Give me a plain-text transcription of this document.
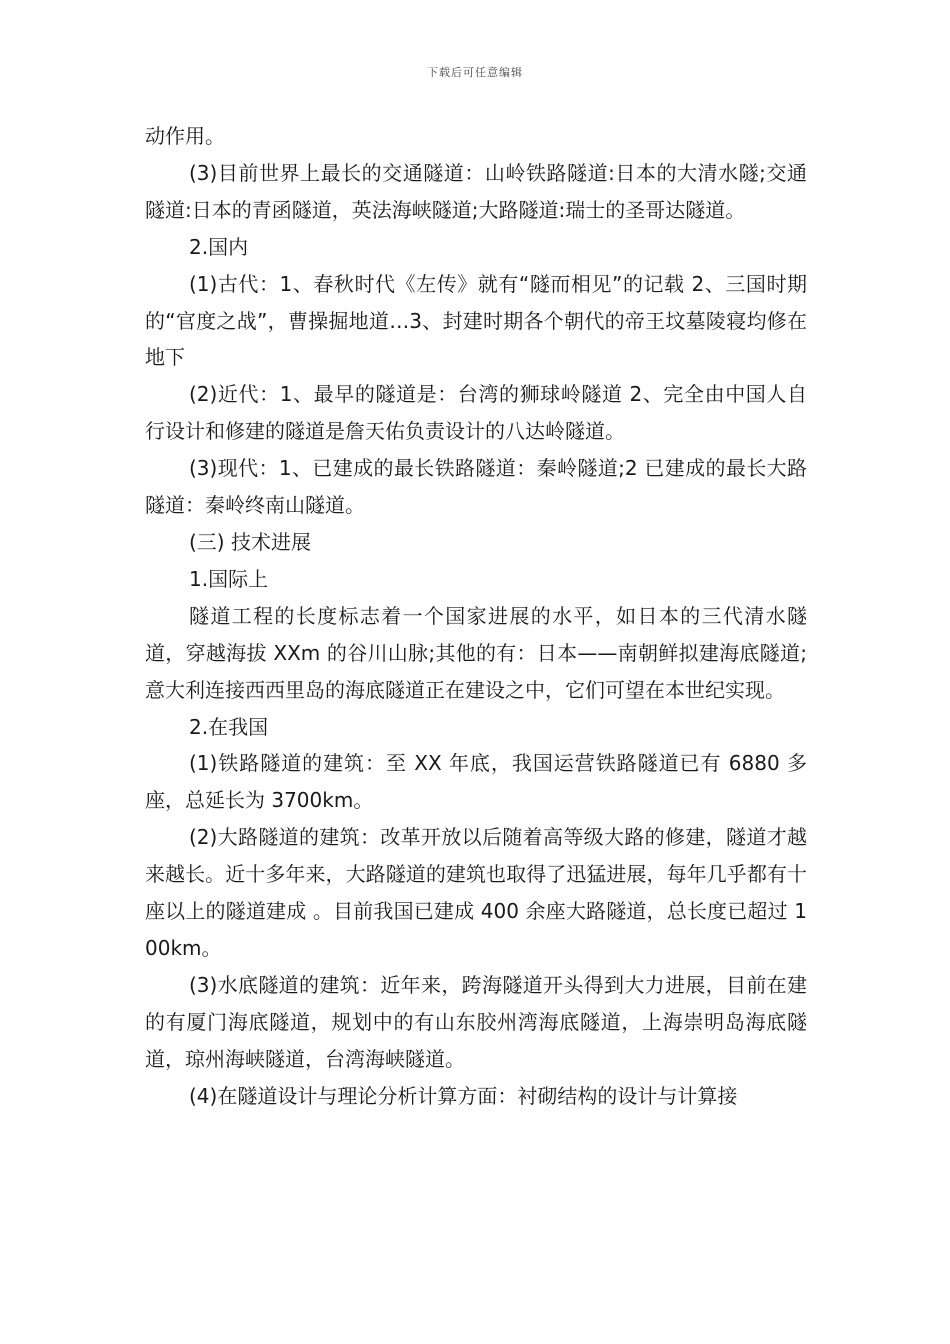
下载后可任意编辑

动作用。

(3)目前世界上最长的交通隧道：山岭铁路隧道:日本的大清水隧;交通隧道:日本的青函隧道，英法海峡隧道;大路隧道:瑞士的圣哥达隧道。

2.国内

(1)古代：1、春秋时代《左传》就有“隧而相见”的记载 2、三国时期的“官度之战”，曹操掘地道…3、封建时期各个朝代的帝王坟墓陵寝均修在地下

(2)近代：1、最早的隧道是：台湾的狮球岭隧道 2、完全由中国人自行设计和修建的隧道是詹天佑负责设计的八达岭隧道。

(3)现代：1、已建成的最长铁路隧道：秦岭隧道;2 已建成的最长大路隧道：秦岭终南山隧道。

(三) 技术进展

1.国际上

隧道工程的长度标志着一个国家进展的水平，如日本的三代清水隧道，穿越海拔 XXm 的谷川山脉;其他的有：日本——南朝鲜拟建海底隧道;意大利连接西西里岛的海底隧道正在建设之中，它们可望在本世纪实现。

2.在我国

(1)铁路隧道的建筑：至 XX 年底，我国运营铁路隧道已有 6880 多座，总延长为 3700km。

(2)大路隧道的建筑：改革开放以后随着高等级大路的修建，隧道才越来越长。近十多年来，大路隧道的建筑也取得了迅猛进展，每年几乎都有十座以上的隧道建成 。目前我国已建成 400 余座大路隧道，总长度已超过 100km。

(3)水底隧道的建筑：近年来，跨海隧道开头得到大力进展，目前在建的有厦门海底隧道，规划中的有山东胶州湾海底隧道，上海崇明岛海底隧道，琼州海峡隧道，台湾海峡隧道。

(4)在隧道设计与理论分析计算方面：衬砌结构的设计与计算接
